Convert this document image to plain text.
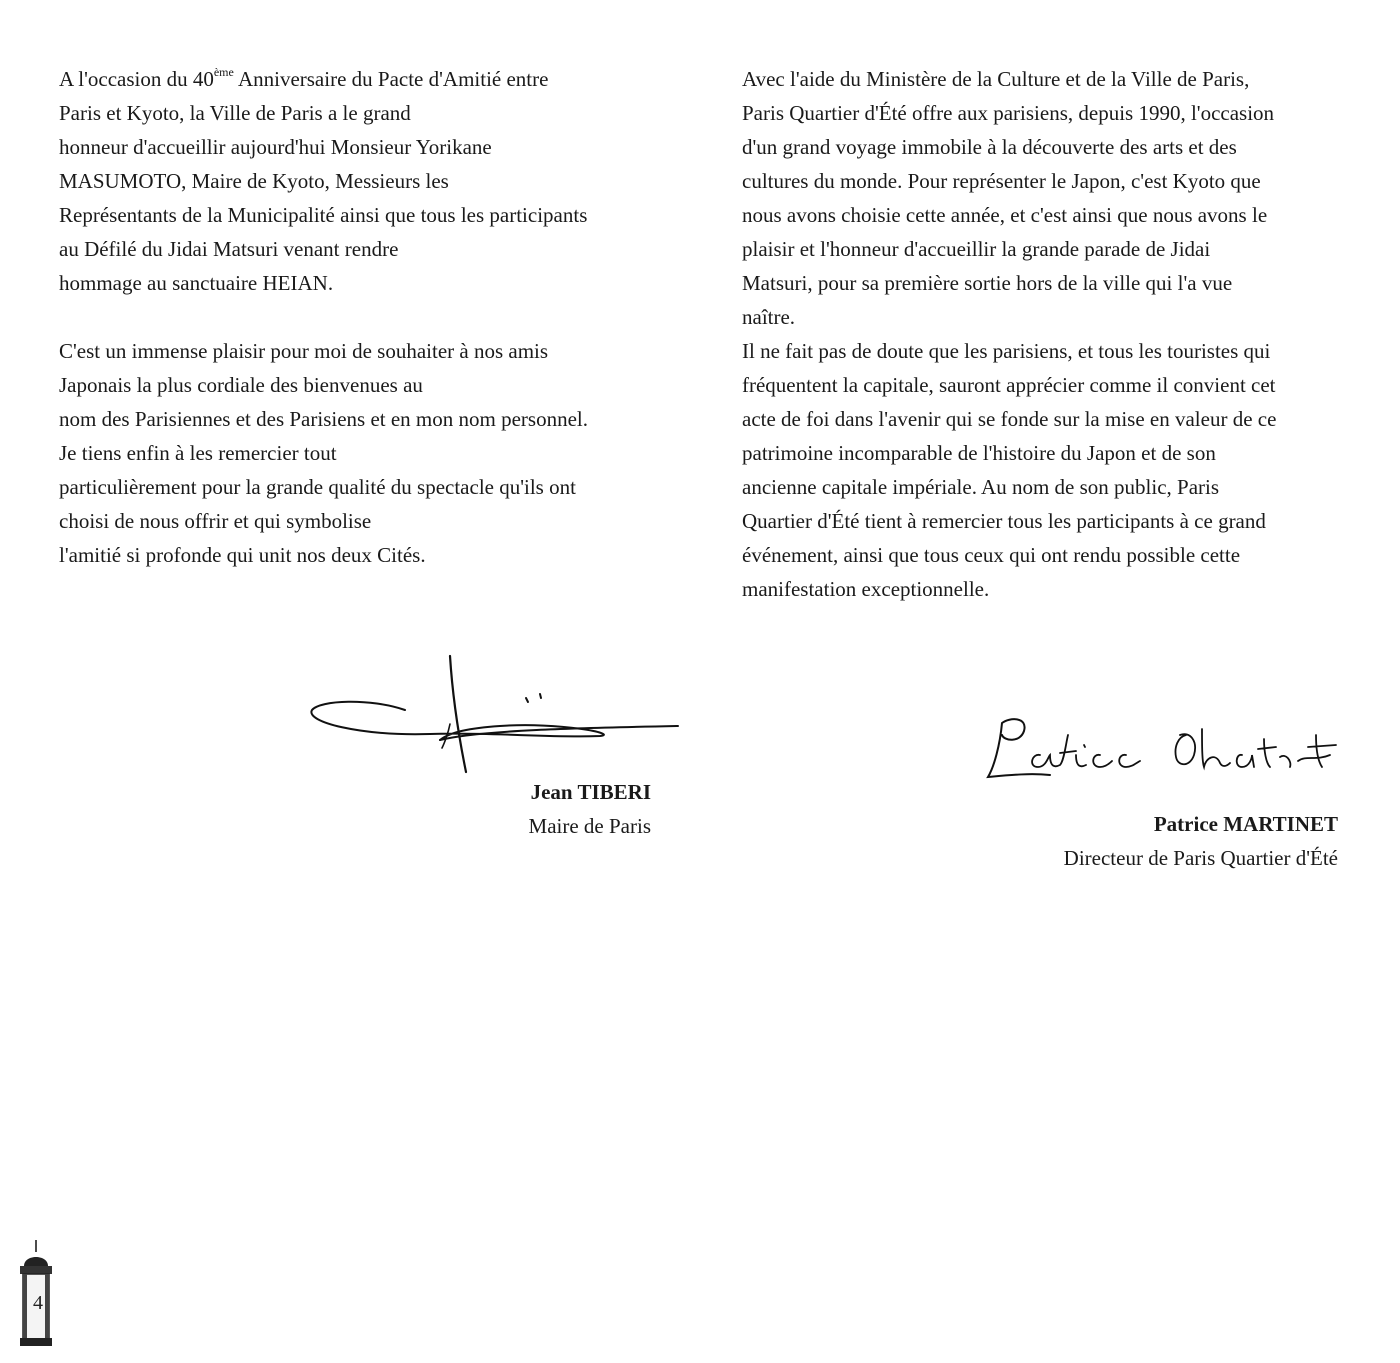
A l'occasion du 40ème Anniversaire du Pacte d'Amitié entre
Paris et Kyoto, la Ville de Paris a le grand
honneur d'accueillir aujourd'hui Monsieur Yorikane
MASUMOTO, Maire de Kyoto, Messieurs les
Représentants de la Municipalité ainsi que tous les participants
au Défilé du Jidai Matsuri venant rendre
hommage au sanctuaire HEIAN.
C'est un immense plaisir pour moi de souhaiter à nos amis
Japonais la plus cordiale des bienvenues au
nom des Parisiennes et des Parisiens et en mon nom personnel.
Je tiens enfin à les remercier tout
particulièrement pour la grande qualité du spectacle qu'ils ont
choisi de nous offrir et qui symbolise
l'amitié si profonde qui unit nos deux Cités.
Avec l'aide du Ministère de la Culture et de la Ville de Paris,
Paris Quartier d'Été offre aux parisiens, depuis 1990, l'occasion
d'un grand voyage immobile à la découverte des arts et des
cultures du monde. Pour représenter le Japon, c'est Kyoto que
nous avons choisie cette année, et c'est ainsi que nous avons le
plaisir et l'honneur d'accueillir la grande parade de Jidai
Matsuri, pour sa première sortie hors de la ville qui l'a vue
naître.
Il ne fait pas de doute que les parisiens, et tous les touristes qui
fréquentent la capitale, sauront apprécier comme il convient cet
acte de foi dans l'avenir qui se fonde sur la mise en valeur de ce
patrimoine incomparable de l'histoire du Japon et de son
ancienne capitale impériale. Au nom de son public, Paris
Quartier d'Été tient à remercier tous les participants à ce grand
événement, ainsi que tous ceux qui ont rendu possible cette
manifestation exceptionnelle.
Jean TIBERI
Maire de Paris	Patrice MARTINET
Directeur de Paris Quartier d'Été
4
